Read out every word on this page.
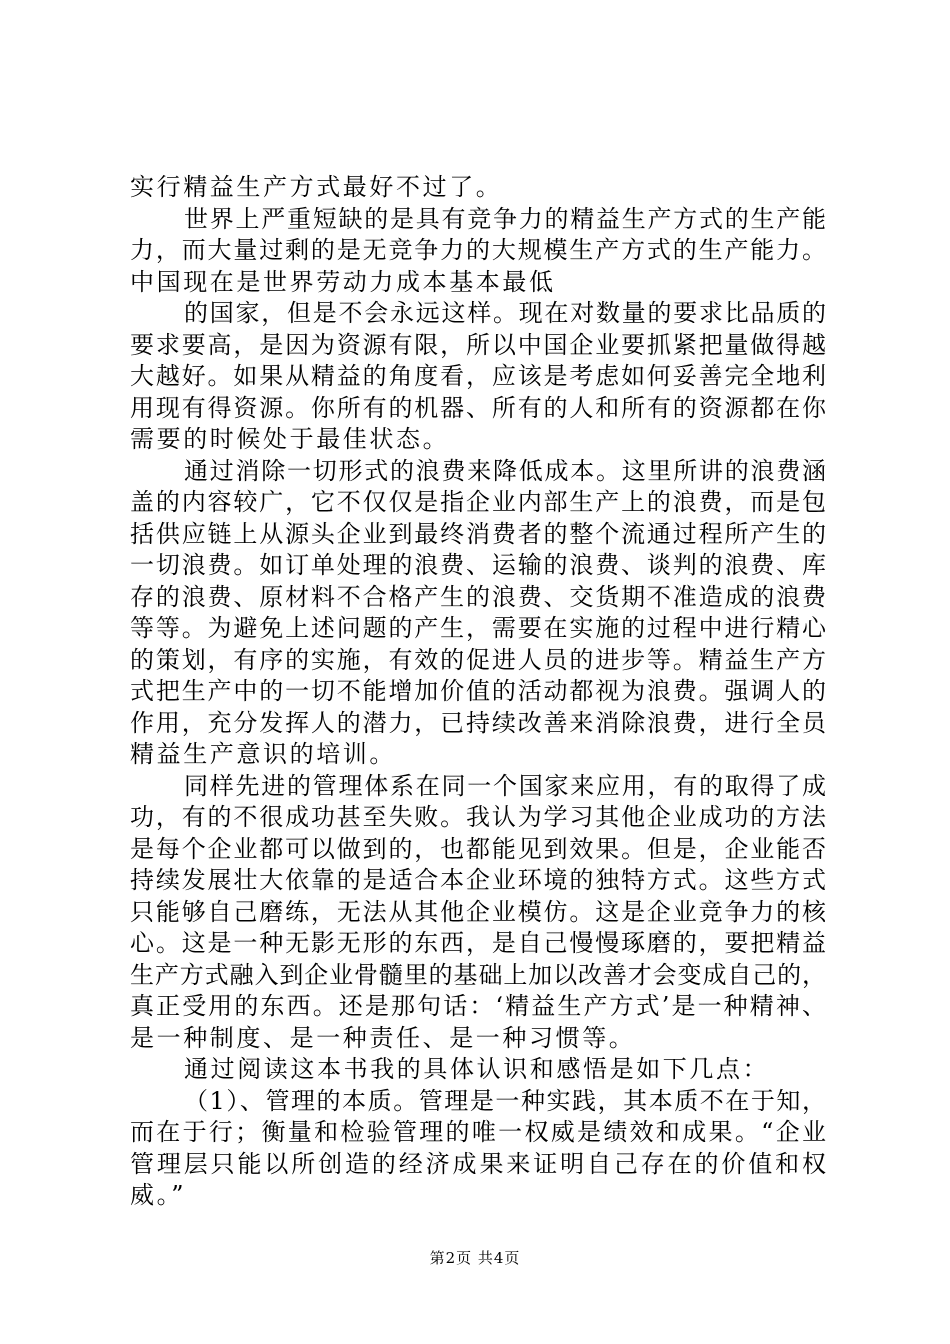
实行精益生产方式最好不过了。
世界上严重短缺的是具有竞争力的精益生产方式的生产能
力，而大量过剩的是无竞争力的大规模生产方式的生产能力。
中国现在是世界劳动力成本基本最低
的国家，但是不会永远这样。现在对数量的要求比品质的
要求要高，是因为资源有限，所以中国企业要抓紧把量做得越
大越好。如果从精益的角度看，应该是考虑如何妥善完全地利
用现有得资源。你所有的机器、所有的人和所有的资源都在你
需要的时候处于最佳状态。
通过消除一切形式的浪费来降低成本。这里所讲的浪费涵
盖的内容较广，它不仅仅是指企业内部生产上的浪费，而是包
括供应链上从源头企业到最终消费者的整个流通过程所产生的
一切浪费。如订单处理的浪费、运输的浪费、谈判的浪费、库
存的浪费、原材料不合格产生的浪费、交货期不准造成的浪费
等等。为避免上述问题的产生，需要在实施的过程中进行精心
的策划，有序的实施，有效的促进人员的进步等。精益生产方
式把生产中的一切不能增加价值的活动都视为浪费。强调人的
作用，充分发挥人的潜力，已持续改善来消除浪费，进行全员
精益生产意识的培训。
同样先进的管理体系在同一个国家来应用，有的取得了成
功，有的不很成功甚至失败。我认为学习其他企业成功的方法
是每个企业都可以做到的，也都能见到效果。但是，企业能否
持续发展壮大依靠的是适合本企业环境的独特方式。这些方式
只能够自己磨练，无法从其他企业模仿。这是企业竞争力的核
心。这是一种无影无形的东西，是自己慢慢琢磨的，要把精益
生产方式融入到企业骨髓里的基础上加以改善才会变成自己的，
真正受用的东西。还是那句话：‘精益生产方式’是一种精神、
是一种制度、是一种责任、是一种习惯等。
通过阅读这本书我的具体认识和感悟是如下几点：
（1）、管理的本质。管理是一种实践，其本质不在于知，
而在于行；衡量和检验管理的唯一权威是绩效和成果。“企业
管理层只能以所创造的经济成果来证明自己存在的价值和权
威。”
第2页 共4页
